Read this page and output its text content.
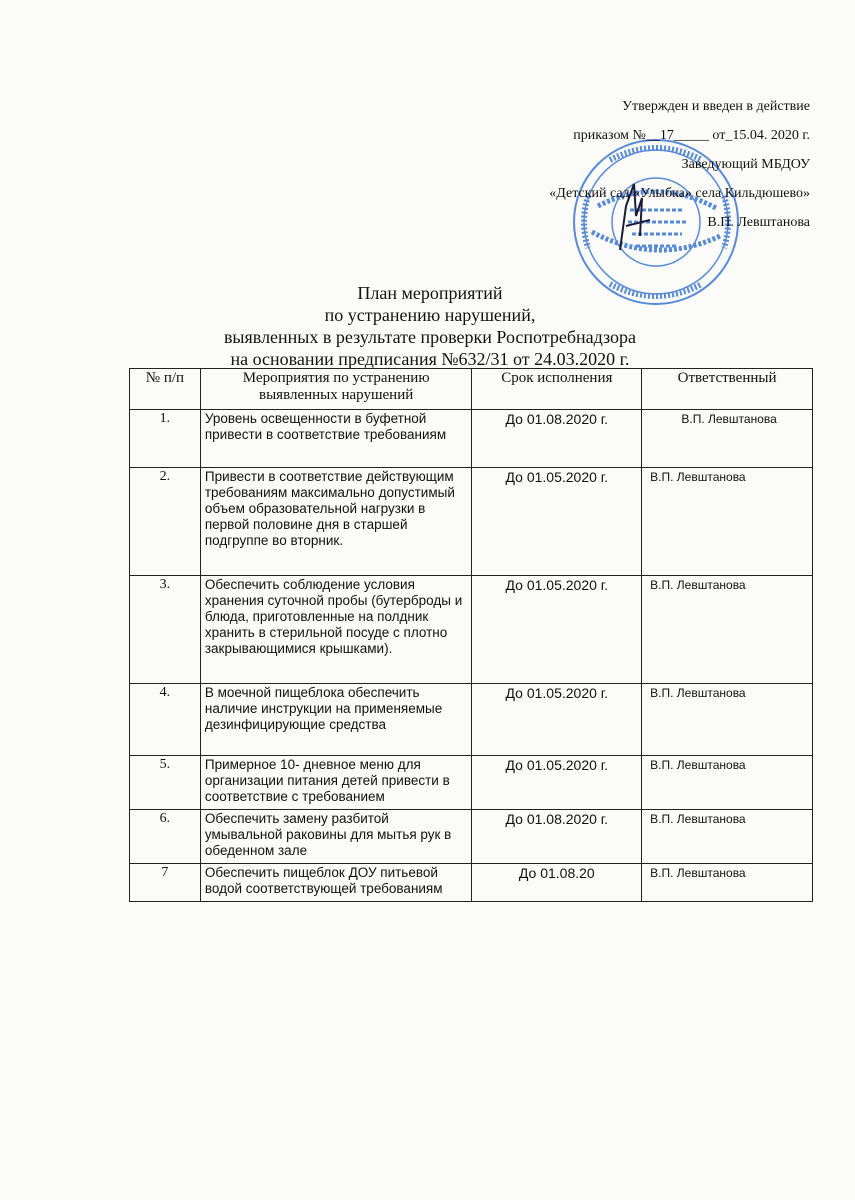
Утвержден и введен в действие
приказом №__17_____ от_15.04. 2020 г.
Заведующий МБДОУ
«Детский сад «Улыбка» села Кильдюшево»
В.П. Левштанова
План мероприятий
по устранению нарушений,
выявленных в результате проверки Роспотребнадзора
на основании предписания №632/31 от 24.03.2020 г.
№ п/п	Мероприятия по устранению выявленных нарушений	Срок исполнения	Ответственный
1.	Уровень освещенности в буфетной привести в соответствие требованиям	До 01.08.2020 г.	В.П. Левштанова
2.	Привести в соответствие действующим требованиям максимально допустимый объем образовательной нагрузки в первой половине дня в старшей подгруппе во вторник.	До 01.05.2020 г.	В.П. Левштанова
3.	Обеспечить соблюдение условия хранения суточной пробы (бутерброды и блюда, приготовленные на полдник хранить в стерильной посуде с плотно закрывающимися крышками).	До 01.05.2020 г.	В.П. Левштанова
4.	В моечной пищеблока обеспечить наличие инструкции на применяемые дезинфицирующие средства	До 01.05.2020 г.	В.П. Левштанова
5.	Примерное 10- дневное меню для организации питания детей привести в соответствие с требованием	До 01.05.2020 г.	В.П. Левштанова
6.	Обеспечить замену разбитой умывальной раковины для мытья рук в обеденном зале	До 01.08.2020 г.	В.П. Левштанова
7	Обеспечить пищеблок ДОУ питьевой водой соответствующей требованиям	До 01.08.20	В.П. Левштанова
